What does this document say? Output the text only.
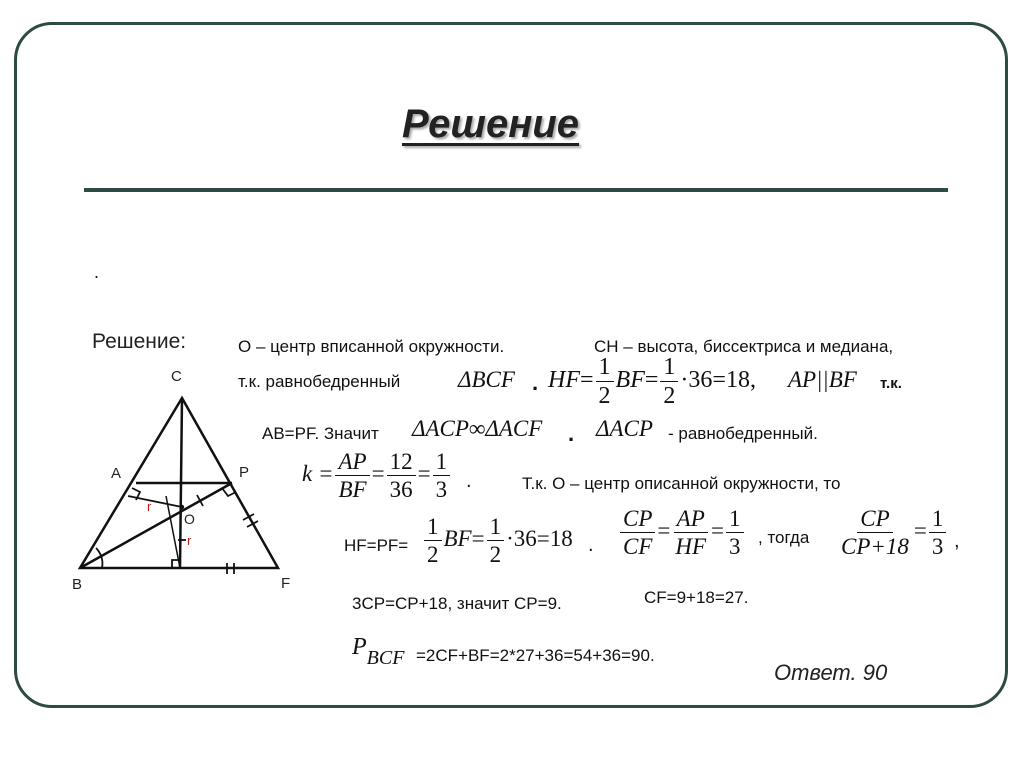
Решение
.
Решение:
C
A	P
O
B	F
r
r
О – центр вписанной окружности.	CH – высота, биссектриса и медиана,
т.к. равнобедренный	ΔBCF . $HF= \frac{1}{2} BF= \frac{1}{2} \cdot 36=18$, AP||BF т.к.
AB=PF. Значит ΔACP∞ΔACF . ΔACP - равнобедренный.
$k = \frac{AP}{BF} = \frac{12}{36} = \frac{1}{3}$ .	Т.к. О – центр описанной окружности, то
$HF=PF= \frac{1}{2} BF= \frac{1}{2} \cdot 36=18$ . $\frac{CP}{CF} = \frac{AP}{HF} = \frac{1}{3}$ , тогда $\frac{CP}{CP+18} = \frac{1}{3}$ ,
3CP=CP+18, значит CP=9.	CF=9+18=27.
PBCF =2CF+BF=2*27+36=54+36=90.
Ответ. 90
